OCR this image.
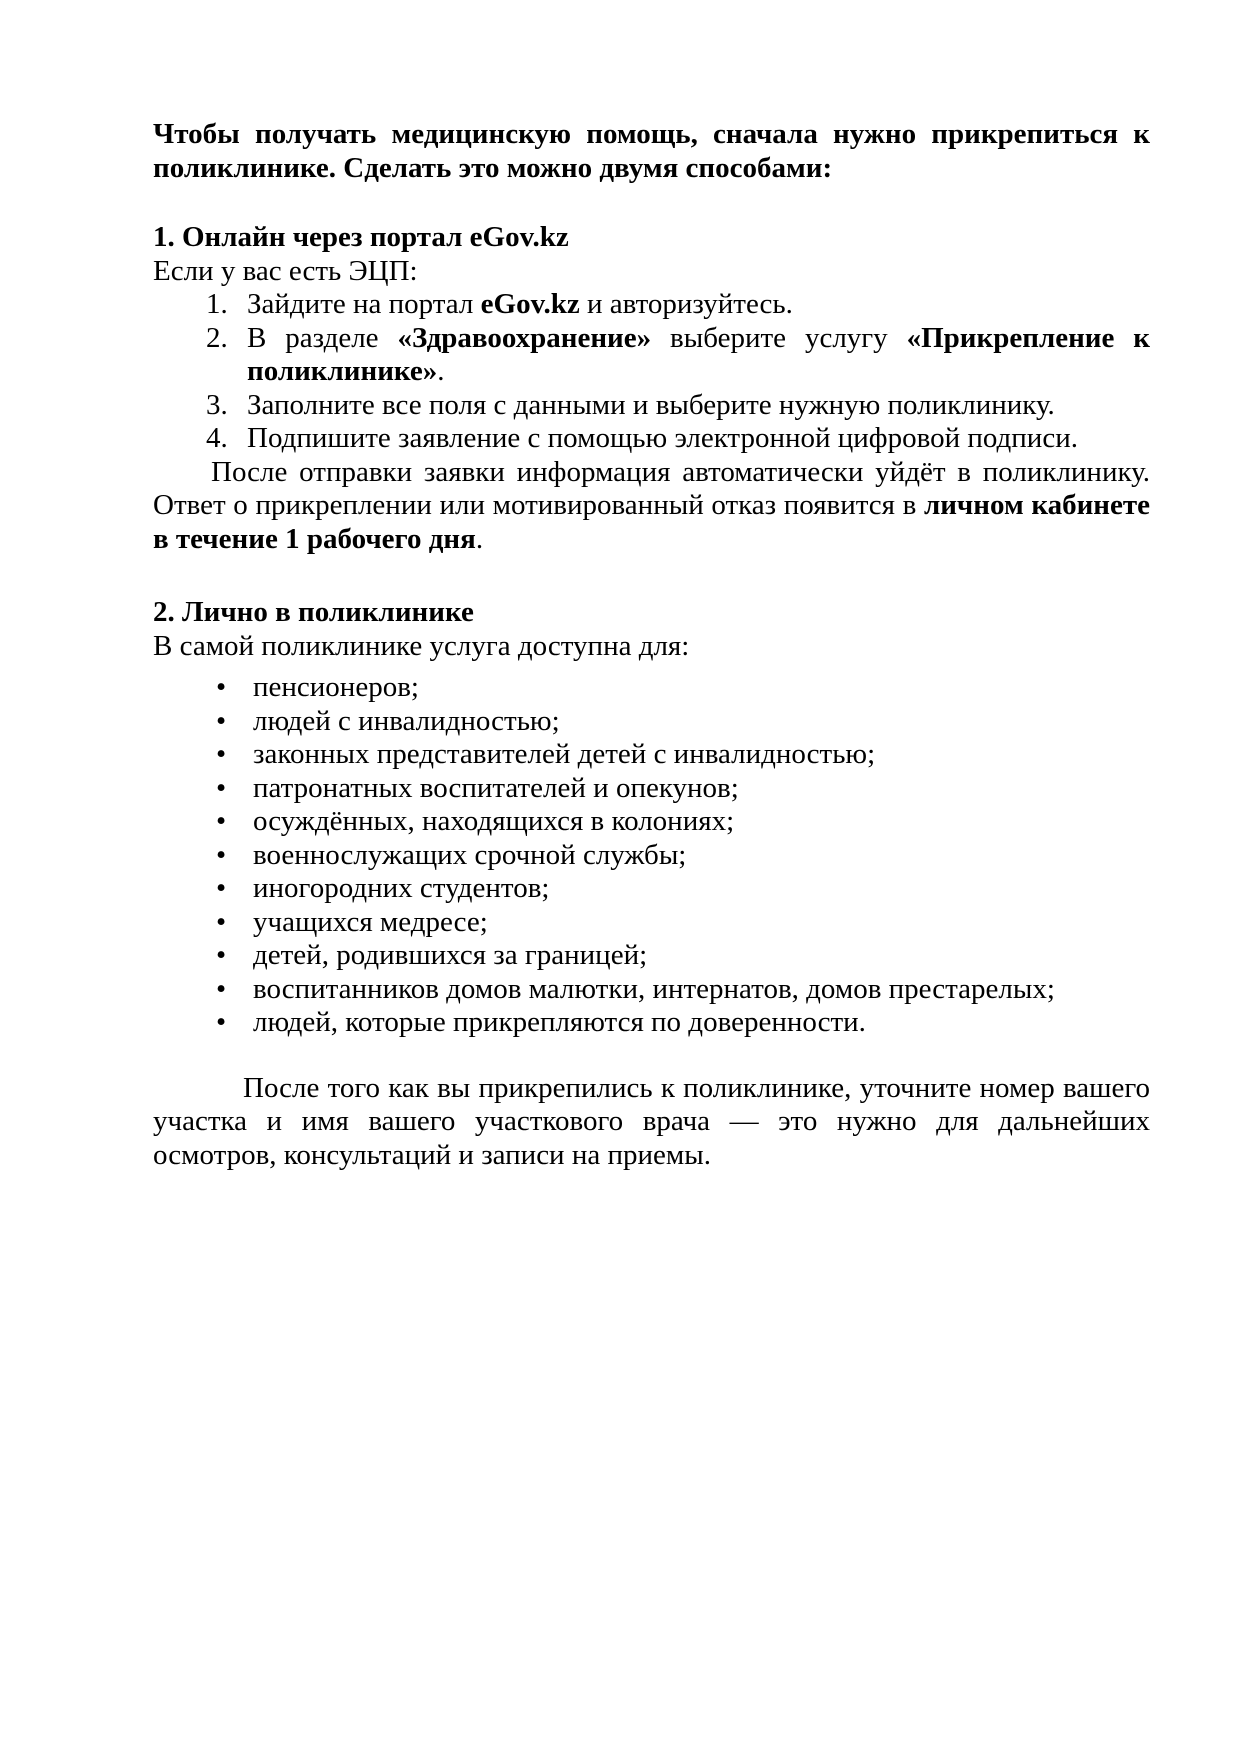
Чтобы получать медицинскую помощь, сначала нужно прикрепиться к поликлинике. Сделать это можно двумя способами:

1. Онлайн через портал eGov.kz

Если у вас есть ЭЦП:

1. Зайдите на портал eGov.kz и авторизуйтесь.
2. В разделе «Здравоохранение» выберите услугу «Прикрепление к поликлинике».
3. Заполните все поля с данными и выберите нужную поликлинику.
4. Подпишите заявление с помощью электронной цифровой подписи.

После отправки заявки информация автоматически уйдёт в поликлинику. Ответ о прикреплении или мотивированный отказ появится в личном кабинете в течение 1 рабочего дня.

2. Лично в поликлинике

В самой поликлинике услуга доступна для:

• пенсионеров;
• людей с инвалидностью;
• законных представителей детей с инвалидностью;
• патронатных воспитателей и опекунов;
• осуждённых, находящихся в колониях;
• военнослужащих срочной службы;
• иногородних студентов;
• учащихся медресе;
• детей, родившихся за границей;
• воспитанников домов малютки, интернатов, домов престарелых;
• людей, которые прикрепляются по доверенности.

После того как вы прикрепились к поликлинике, уточните номер вашего участка и имя вашего участкового врача — это нужно для дальнейших осмотров, консультаций и записи на приемы.
